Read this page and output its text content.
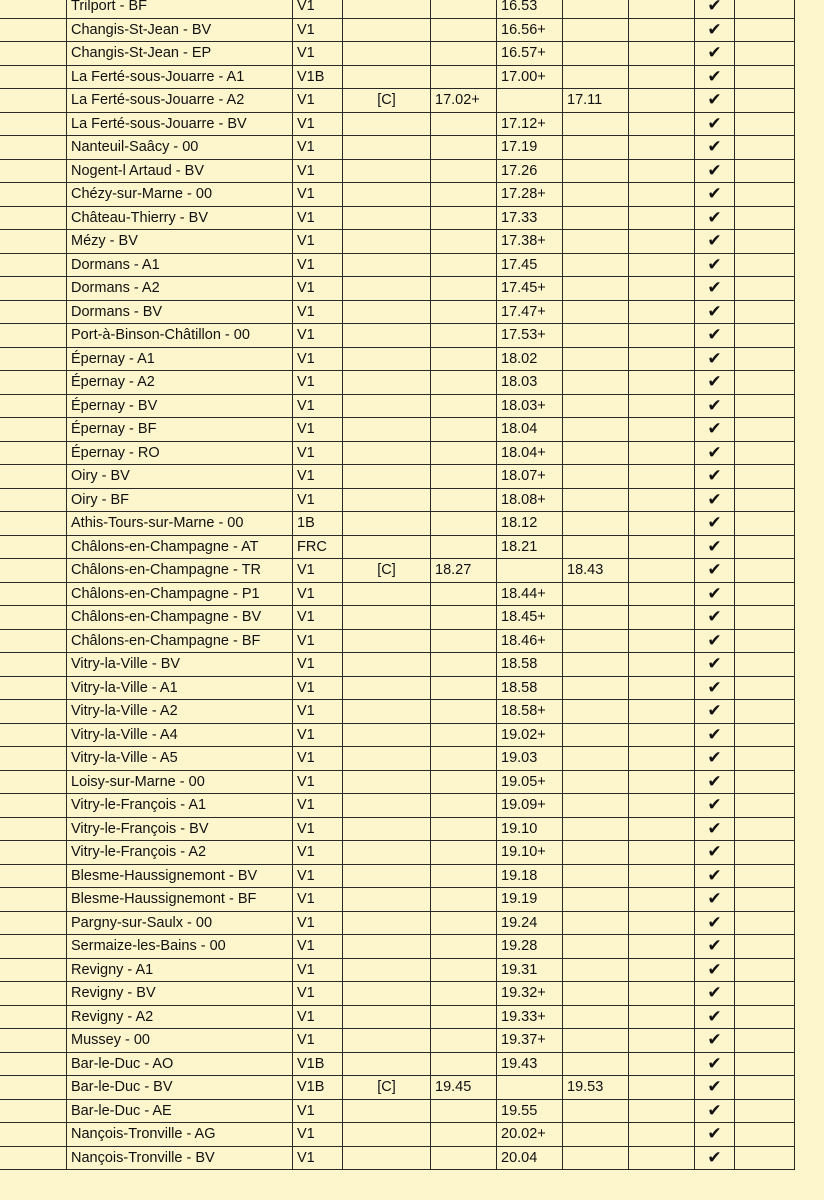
	Trilport - BF	V1			16.53			✔	
	Changis-St-Jean - BV	V1			16.56+			✔	
	Changis-St-Jean - EP	V1			16.57+			✔	
	La Ferté-sous-Jouarre - A1	V1B			17.00+			✔	
	La Ferté-sous-Jouarre - A2	V1	[C]	17.02+		17.11		✔	
	La Ferté-sous-Jouarre - BV	V1			17.12+			✔	
	Nanteuil-Saâcy - 00	V1			17.19			✔	
	Nogent-l Artaud - BV	V1			17.26			✔	
	Chézy-sur-Marne - 00	V1			17.28+			✔	
	Château-Thierry - BV	V1			17.33			✔	
	Mézy - BV	V1			17.38+			✔	
	Dormans - A1	V1			17.45			✔	
	Dormans - A2	V1			17.45+			✔	
	Dormans - BV	V1			17.47+			✔	
	Port-à-Binson-Châtillon - 00	V1			17.53+			✔	
	Épernay - A1	V1			18.02			✔	
	Épernay - A2	V1			18.03			✔	
	Épernay - BV	V1			18.03+			✔	
	Épernay - BF	V1			18.04			✔	
	Épernay - RO	V1			18.04+			✔	
	Oiry - BV	V1			18.07+			✔	
	Oiry - BF	V1			18.08+			✔	
	Athis-Tours-sur-Marne - 00	1B			18.12			✔	
	Châlons-en-Champagne - AT	FRC			18.21			✔	
	Châlons-en-Champagne - TR	V1	[C]	18.27		18.43		✔	
	Châlons-en-Champagne - P1	V1			18.44+			✔	
	Châlons-en-Champagne - BV	V1			18.45+			✔	
	Châlons-en-Champagne - BF	V1			18.46+			✔	
	Vitry-la-Ville - BV	V1			18.58			✔	
	Vitry-la-Ville - A1	V1			18.58			✔	
	Vitry-la-Ville - A2	V1			18.58+			✔	
	Vitry-la-Ville - A4	V1			19.02+			✔	
	Vitry-la-Ville - A5	V1			19.03			✔	
	Loisy-sur-Marne - 00	V1			19.05+			✔	
	Vitry-le-François - A1	V1			19.09+			✔	
	Vitry-le-François - BV	V1			19.10			✔	
	Vitry-le-François - A2	V1			19.10+			✔	
	Blesme-Haussignemont - BV	V1			19.18			✔	
	Blesme-Haussignemont - BF	V1			19.19			✔	
	Pargny-sur-Saulx - 00	V1			19.24			✔	
	Sermaize-les-Bains - 00	V1			19.28			✔	
	Revigny - A1	V1			19.31			✔	
	Revigny - BV	V1			19.32+			✔	
	Revigny - A2	V1			19.33+			✔	
	Mussey - 00	V1			19.37+			✔	
	Bar-le-Duc - AO	V1B			19.43			✔	
	Bar-le-Duc - BV	V1B	[C]	19.45		19.53		✔	
	Bar-le-Duc - AE	V1			19.55			✔	
	Nançois-Tronville - AG	V1			20.02+			✔	
	Nançois-Tronville - BV	V1			20.04			✔	
